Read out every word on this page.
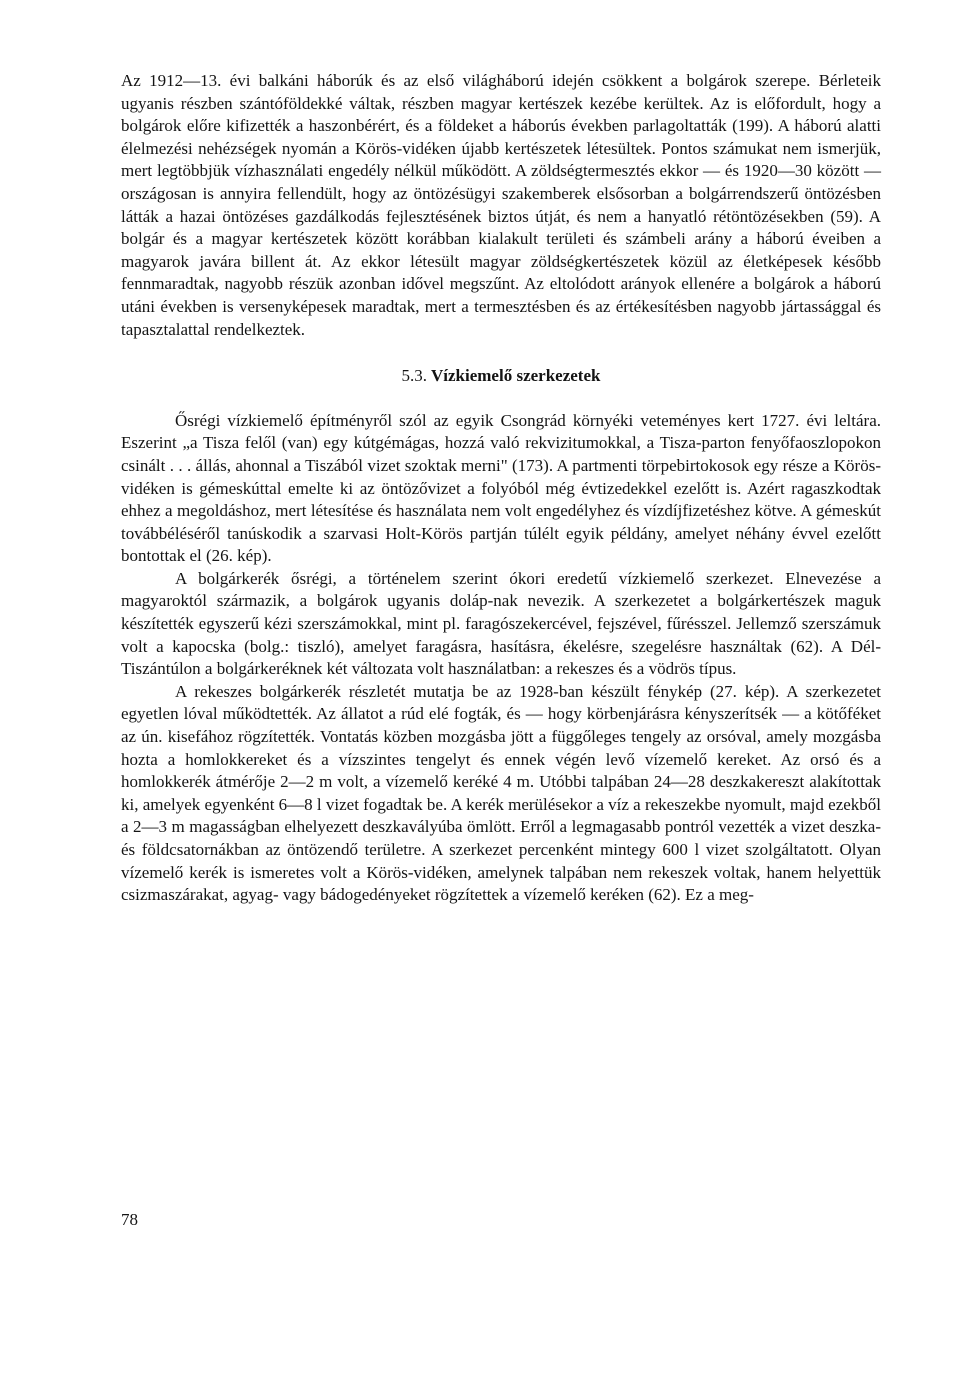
Az 1912—13. évi balkáni háborúk és az első világháború idején csökkent a bolgárok szerepe. Bérleteik ugyanis részben szántóföldekké váltak, részben magyar kertészek kezébe kerültek. Az is előfordult, hogy a bolgárok előre kifizették a haszonbérért, és a földeket a háborús években parlagoltatták (199). A háború alatti élelmezési nehézségek nyomán a Körös-vidéken újabb kertészetek létesültek. Pontos számukat nem ismerjük, mert legtöbbjük vízhasználati engedély nélkül működött. A zöldségtermesztés ekkor — és 1920—30 között — országosan is annyira fellendült, hogy az öntözésügyi szakemberek elsősorban a bolgárrendszerű öntözésben látták a hazai öntözéses gazdálkodás fejlesztésének biztos útját, és nem a hanyatló rétöntözésekben (59). A bolgár és a magyar kertészetek között korábban kialakult területi és számbeli arány a háború éveiben a magyarok javára billent át. Az ekkor létesült magyar zöldségkertészetek közül az életképesek később fennmaradtak, nagyobb részük azonban idővel megszűnt. Az eltolódott arányok ellenére a bolgárok a háború utáni években is versenyképesek maradtak, mert a termesztésben és az értékesítésben nagyobb jártassággal és tapasztalattal rendelkeztek.

5.3. Vízkiemelő szerkezetek

Ősrégi vízkiemelő építményről szól az egyik Csongrád környéki veteményes kert 1727. évi leltára. Eszerint „a Tisza felől (van) egy kútgémágas, hozzá való rekvizitumokkal, a Tisza-parton fenyőfaoszlopokon csinált . . . állás, ahonnal a Tiszából vizet szoktak merni" (173). A partmenti törpebirtokosok egy része a Körös-vidéken is gémeskúttal emelte ki az öntözővizet a folyóból még évtizedekkel ezelőtt is. Azért ragaszkodtak ehhez a megoldáshoz, mert létesítése és használata nem volt engedélyhez és vízdíjfizetéshez kötve. A gémeskút továbbéléséről tanúskodik a szarvasi Holt-Körös partján túlélt egyik példány, amelyet néhány évvel ezelőtt bontottak el (26. kép).

A bolgárkerék ősrégi, a történelem szerint ókori eredetű vízkiemelő szerkezet. Elnevezése a magyaroktól származik, a bolgárok ugyanis doláp-nak nevezik. A szerkezetet a bolgárkertészek maguk készítették egyszerű kézi szerszámokkal, mint pl. faragószekercével, fejszével, fűrésszel. Jellemző szerszámuk volt a kapocska (bolg.: tiszló), amelyet faragásra, hasításra, ékelésre, szegelésre használtak (62). A Dél-Tiszántúlon a bolgárkeréknek két változata volt használatban: a rekeszes és a vödrös típus.

A rekeszes bolgárkerék részletét mutatja be az 1928-ban készült fénykép (27. kép). A szerkezetet egyetlen lóval működtették. Az állatot a rúd elé fogták, és — hogy körbenjárásra kényszerítsék — a kötőféket az ún. kisefához rögzítették. Vontatás közben mozgásba jött a függőleges tengely az orsóval, amely mozgásba hozta a homlokkereket és a vízszintes tengelyt és ennek végén levő vízemelő kereket. Az orsó és a homlokkerék átmérője 2—2 m volt, a vízemelő keréké 4 m. Utóbbi talpában 24—28 deszkakereszt alakítottak ki, amelyek egyenként 6—8 l vizet fogadtak be. A kerék merülésekor a víz a rekeszekbe nyomult, majd ezekből a 2—3 m magasságban elhelyezett deszkavályúba ömlött. Erről a legmagasabb pontról vezették a vizet deszka- és földcsatornákban az öntözendő területre. A szerkezet percenként mintegy 600 l vizet szolgáltatott. Olyan vízemelő kerék is ismeretes volt a Körös-vidéken, amelynek talpában nem rekeszek voltak, hanem helyettük csizmaszárakat, agyag- vagy bádogedényeket rögzítettek a vízemelő keréken (62). Ez a meg-

78
